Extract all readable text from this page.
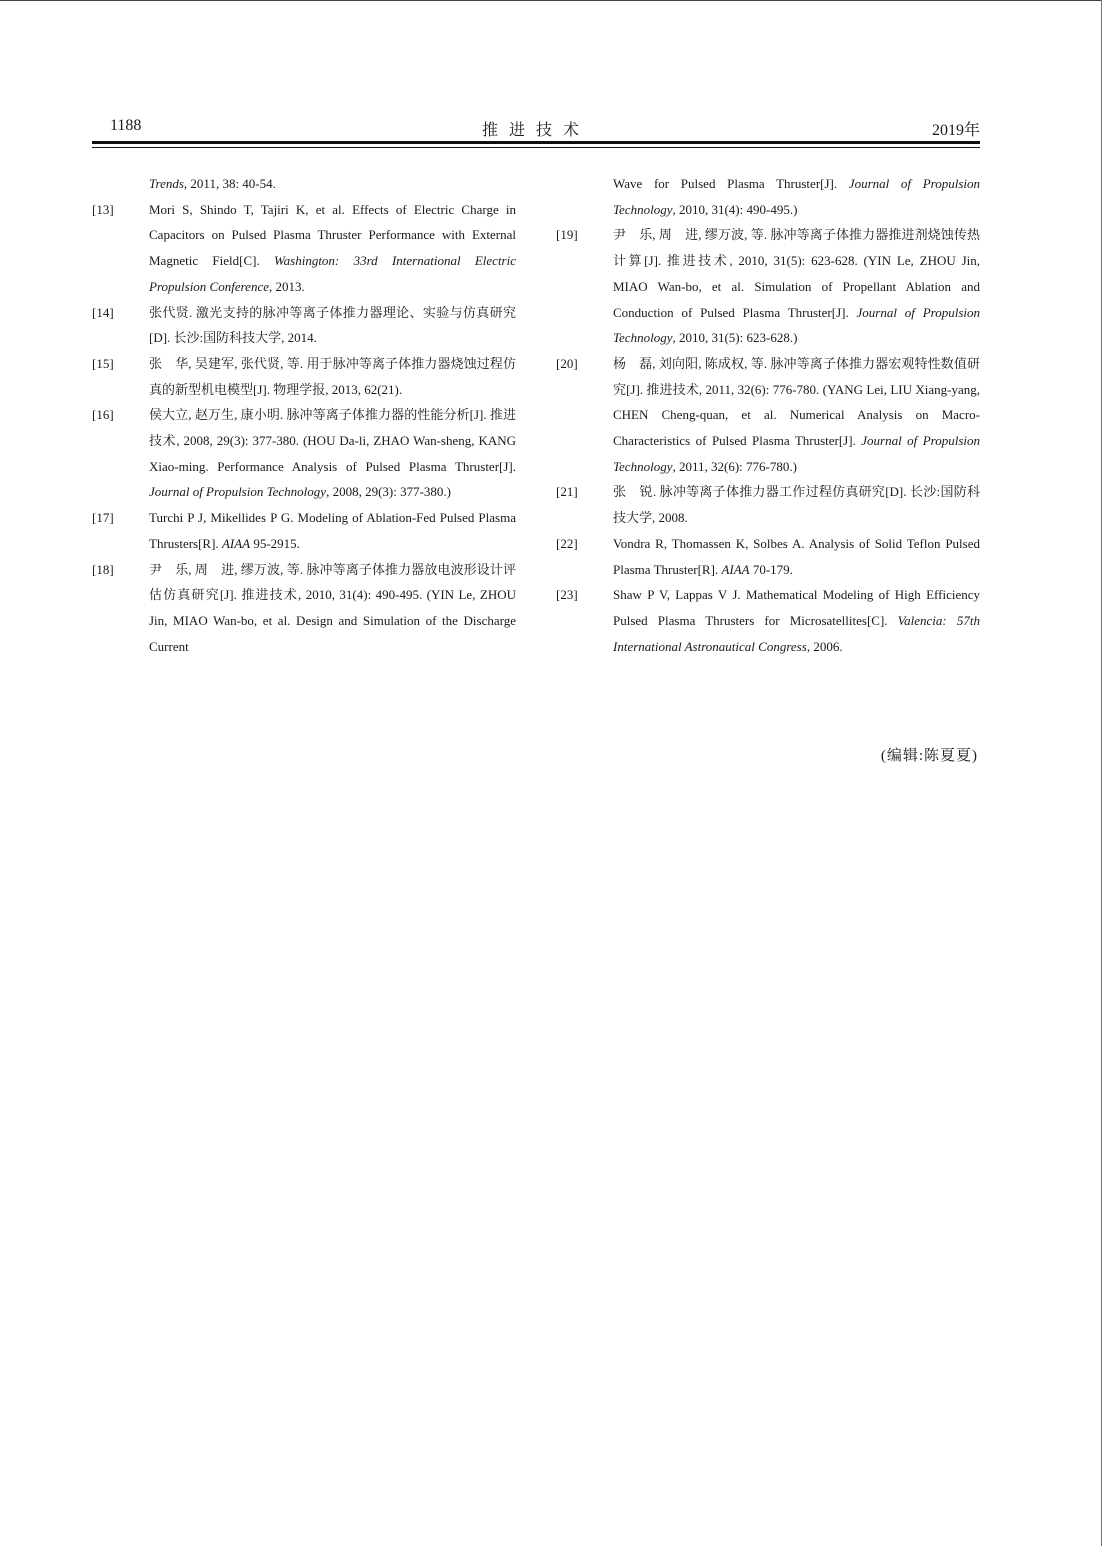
1188	推进技术	2019年
Trends, 2011, 38: 40-54.
[13]	Mori S, Shindo T, Tajiri K, et al. Effects of Electric Charge in Capacitors on Pulsed Plasma Thruster Performance with External Magnetic Field[C]. Washington: 33rd International Electric Propulsion Conference, 2013.
[14]	张代贤. 激光支持的脉冲等离子体推力器理论、实验与仿真研究[D]. 长沙:国防科技大学, 2014.
[15]	张　华, 吴建军, 张代贤, 等. 用于脉冲等离子体推力器烧蚀过程仿真的新型机电模型[J]. 物理学报, 2013, 62(21).
[16]	侯大立, 赵万生, 康小明. 脉冲等离子体推力器的性能分析[J]. 推进技术, 2008, 29(3): 377-380. (HOU Da-li, ZHAO Wan-sheng, KANG Xiao-ming. Performance Analysis of Pulsed Plasma Thruster[J]. Journal of Propulsion Technology, 2008, 29(3): 377-380.)
[17]	Turchi P J, Mikellides P G. Modeling of Ablation-Fed Pulsed Plasma Thrusters[R]. AIAA 95-2915.
[18]	尹　乐, 周　进, 缪万波, 等. 脉冲等离子体推力器放电波形设计评估仿真研究[J]. 推进技术, 2010, 31(4): 490-495. (YIN Le, ZHOU Jin, MIAO Wan-bo, et al. Design and Simulation of the Discharge Current
Wave for Pulsed Plasma Thruster[J]. Journal of Propulsion Technology, 2010, 31(4): 490-495.)
[19]	尹　乐, 周　进, 缪万波, 等. 脉冲等离子体推力器推进剂烧蚀传热计算[J]. 推进技术, 2010, 31(5): 623-628. (YIN Le, ZHOU Jin, MIAO Wan-bo, et al. Simulation of Propellant Ablation and Conduction of Pulsed Plasma Thruster[J]. Journal of Propulsion Technology, 2010, 31(5): 623-628.)
[20]	杨　磊, 刘向阳, 陈成权, 等. 脉冲等离子体推力器宏观特性数值研究[J]. 推进技术, 2011, 32(6): 776-780. (YANG Lei, LIU Xiang-yang, CHEN Cheng-quan, et al. Numerical Analysis on Macro-Characteristics of Pulsed Plasma Thruster[J]. Journal of Propulsion Technology, 2011, 32(6): 776-780.)
[21]	张　锐. 脉冲等离子体推力器工作过程仿真研究[D]. 长沙:国防科技大学, 2008.
[22]	Vondra R, Thomassen K, Solbes A. Analysis of Solid Teflon Pulsed Plasma Thruster[R]. AIAA 70-179.
[23]	Shaw P V, Lappas V J. Mathematical Modeling of High Efficiency Pulsed Plasma Thrusters for Microsatellites[C]. Valencia: 57th International Astronautical Congress, 2006.
(编辑:陈夏夏)
